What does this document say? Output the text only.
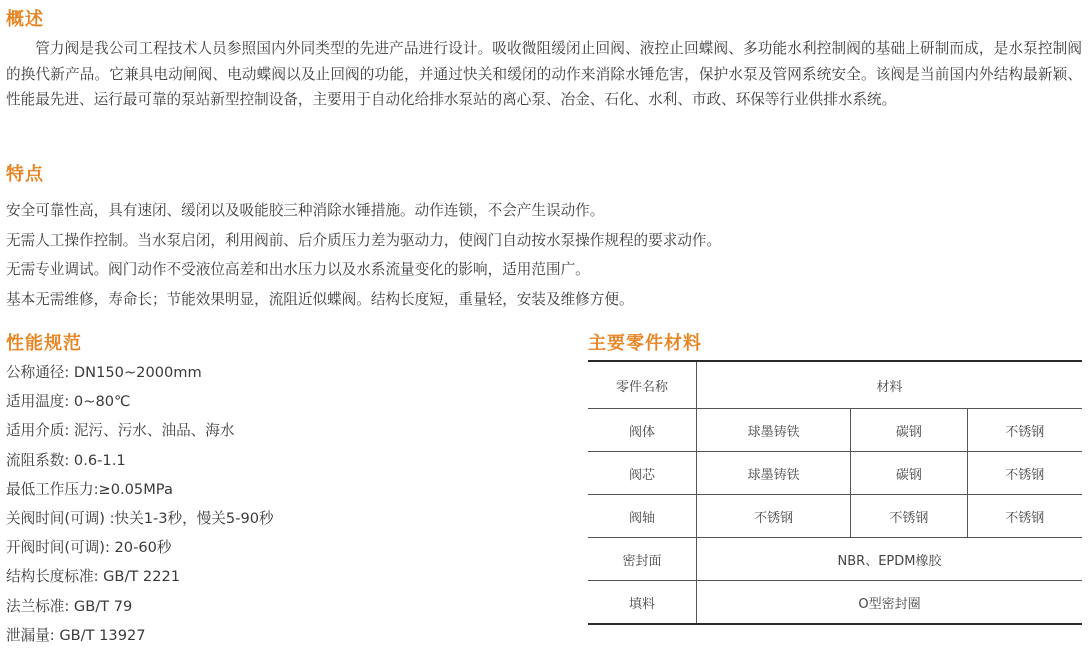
概述

管力阀是我公司工程技术人员参照国内外同类型的先进产品进行设计。吸收微阻缓闭止回阀、液控止回蝶阀、多功能水利控制阀的基础上研制而成，是水泵控制阀的换代新产品。它兼具电动闸阀、电动蝶阀以及止回阀的功能，并通过快关和缓闭的动作来消除水锤危害，保护水泵及管网系统安全。该阀是当前国内外结构最新颖、性能最先进、运行最可靠的泵站新型控制设备，主要用于自动化给排水泵站的离心泵、冶金、石化、水利、市政、环保等行业供排水系统。

特点
安全可靠性高，具有速闭、缓闭以及吸能胶三种消除水锤措施。动作连锁，不会产生误动作。
无需人工操作控制。当水泵启闭，利用阀前、后介质压力差为驱动力，使阀门自动按水泵操作规程的要求动作。
无需专业调试。阀门动作不受液位高差和出水压力以及水系流量变化的影响，适用范围广。
基本无需维修，寿命长；节能效果明显，流阻近似蝶阀。结构长度短，重量轻，安装及维修方便。
性能规范
公称通径: DN150~2000mm
适用温度: 0~80℃
适用介质: 泥污、污水、油品、海水
流阻系数: 0.6-1.1
最低工作压力:≥0.05MPa
关阀时间(可调) :快关1-3秒，慢关5-90秒
开阀时间(可调): 20-60秒
结构长度标准: GB/T 2221
法兰标准: GB/T 79
泄漏量: GB/T 13927
主要零件材料
零件名称	材料		
阀体	球墨铸铁	碳钢	不锈钢
阀芯	球墨铸铁	碳钢	不锈钢
阀轴	不锈钢	不锈钢	不锈钢
密封面	NBR、EPDM橡胶		
填料	O型密封圈		
